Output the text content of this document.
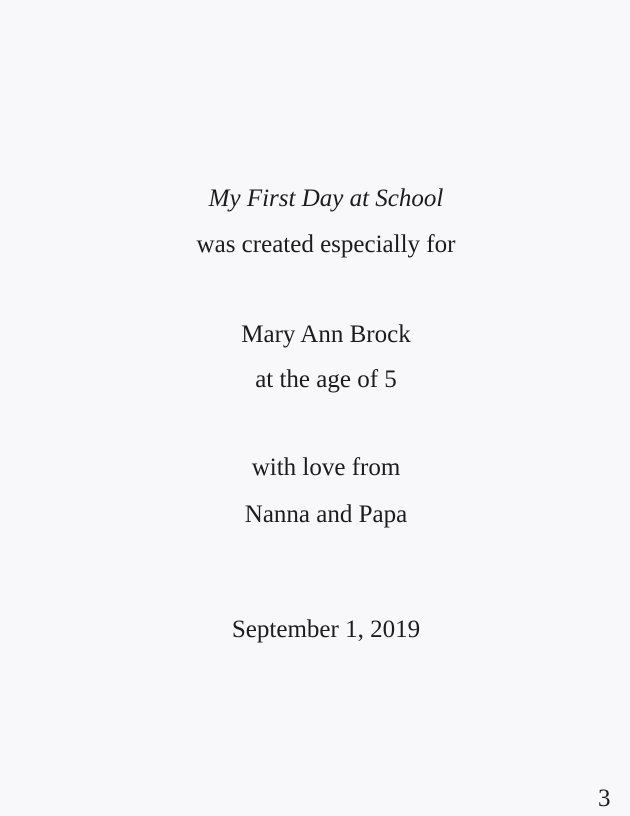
My First Day at School
was created especially for
Mary Ann Brock
at the age of 5
with love from
Nanna and Papa
September 1, 2019
3
